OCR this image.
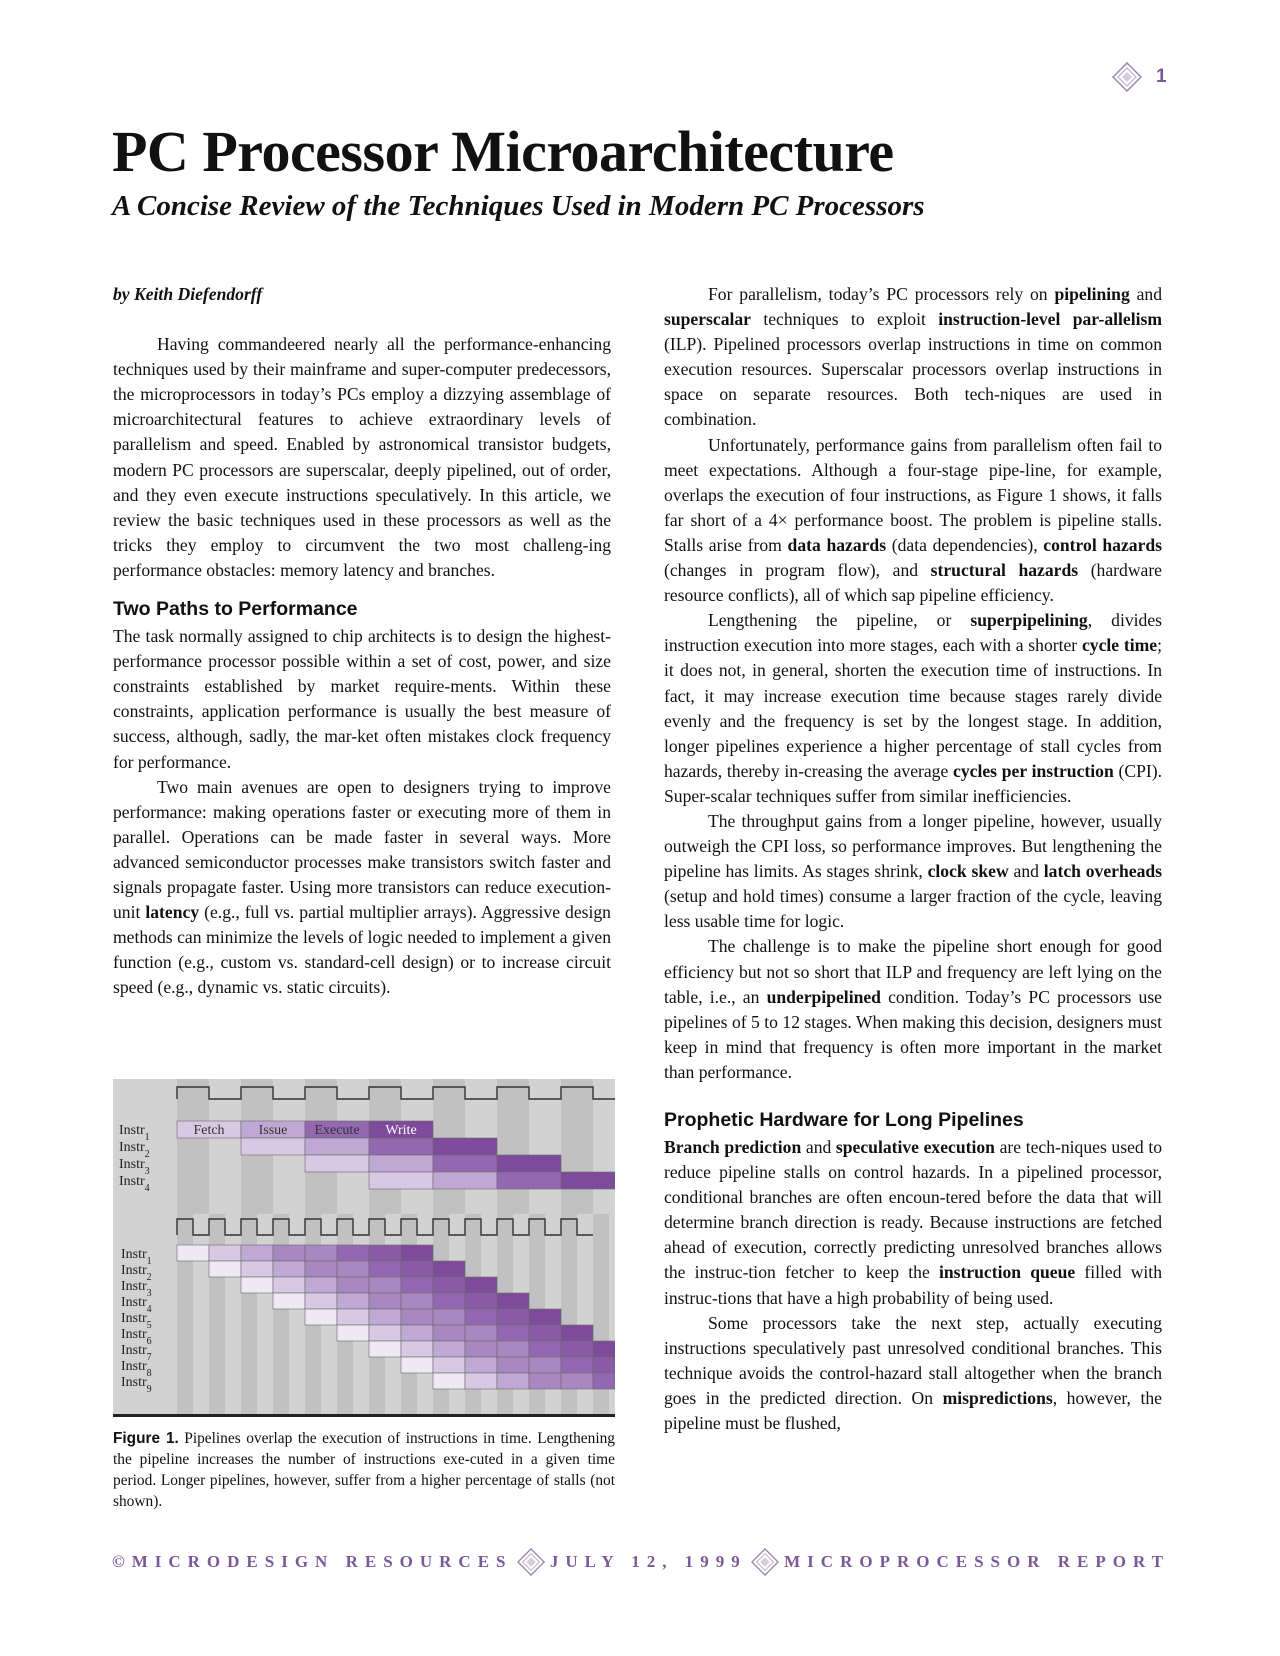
1
PC Processor Microarchitecture
A Concise Review of the Techniques Used in Modern PC Processors

by Keith Diefendorff

Having commandeered nearly all the performance-enhancing techniques used by their mainframe and super-computer predecessors, the microprocessors in today’s PCs employ a dizzying assemblage of microarchitectural features to achieve extraordinary levels of parallelism and speed. Enabled by astronomical transistor budgets, modern PC processors are superscalar, deeply pipelined, out of order, and they even execute instructions speculatively. In this article, we review the basic techniques used in these processors as well as the tricks they employ to circumvent the two most challeng-ing performance obstacles: memory latency and branches.

Two Paths to Performance

The task normally assigned to chip architects is to design the highest-performance processor possible within a set of cost, power, and size constraints established by market require-ments. Within these constraints, application performance is usually the best measure of success, although, sadly, the mar-ket often mistakes clock frequency for performance.

Two main avenues are open to designers trying to improve performance: making operations faster or executing more of them in parallel. Operations can be made faster in several ways. More advanced semiconductor processes make transistors switch faster and signals propagate faster. Using more transistors can reduce execution-unit latency (e.g., full vs. partial multiplier arrays). Aggressive design methods can minimize the levels of logic needed to implement a given function (e.g., custom vs. standard-cell design) or to increase circuit speed (e.g., dynamic vs. static circuits).

Instr$_1$
Instr$_2$
Instr$_3$
Instr$_4$
Fetch Issue Execute Write
Instr$_1$
Instr$_2$
Instr$_3$
Instr$_4$
Instr$_5$
Instr$_6$
Instr$_7$
Instr$_8$
Instr$_9$
Figure 1. Pipelines overlap the execution of instructions in time. Lengthening the pipeline increases the number of instructions exe-cuted in a given time period. Longer pipelines, however, suffer from a higher percentage of stalls (not shown).

For parallelism, today’s PC processors rely on pipelining and superscalar techniques to exploit instruction-level par-allelism (ILP). Pipelined processors overlap instructions in time on common execution resources. Superscalar processors overlap instructions in space on separate resources. Both tech-niques are used in combination.

Unfortunately, performance gains from parallelism often fail to meet expectations. Although a four-stage pipe-line, for example, overlaps the execution of four instructions, as Figure 1 shows, it falls far short of a 4× performance boost. The problem is pipeline stalls. Stalls arise from data hazards (data dependencies), control hazards (changes in program flow), and structural hazards (hardware resource conflicts), all of which sap pipeline efficiency.

Lengthening the pipeline, or superpipelining, divides instruction execution into more stages, each with a shorter cycle time; it does not, in general, shorten the execution time of instructions. In fact, it may increase execution time because stages rarely divide evenly and the frequency is set by the longest stage. In addition, longer pipelines experience a higher percentage of stall cycles from hazards, thereby in-creasing the average cycles per instruction (CPI). Super-scalar techniques suffer from similar inefficiencies.

The throughput gains from a longer pipeline, however, usually outweigh the CPI loss, so performance improves. But lengthening the pipeline has limits. As stages shrink, clock skew and latch overheads (setup and hold times) consume a larger fraction of the cycle, leaving less usable time for logic.

The challenge is to make the pipeline short enough for good efficiency but not so short that ILP and frequency are left lying on the table, i.e., an underpipelined condition. Today’s PC processors use pipelines of 5 to 12 stages. When making this decision, designers must keep in mind that frequency is often more important in the market than performance.

Prophetic Hardware for Long Pipelines

Branch prediction and speculative execution are tech-niques used to reduce pipeline stalls on control hazards. In a pipelined processor, conditional branches are often encoun-tered before the data that will determine branch direction is ready. Because instructions are fetched ahead of execution, correctly predicting unresolved branches allows the instruc-tion fetcher to keep the instruction queue filled with instruc-tions that have a high probability of being used.

Some processors take the next step, actually executing instructions speculatively past unresolved conditional branches. This technique avoids the control-hazard stall altogether when the branch goes in the predicted direction. On mispredictions, however, the pipeline must be flushed,

©MICRODESIGN RESOURCES JULY 12, 1999 MICROPROCESSOR REPORT
